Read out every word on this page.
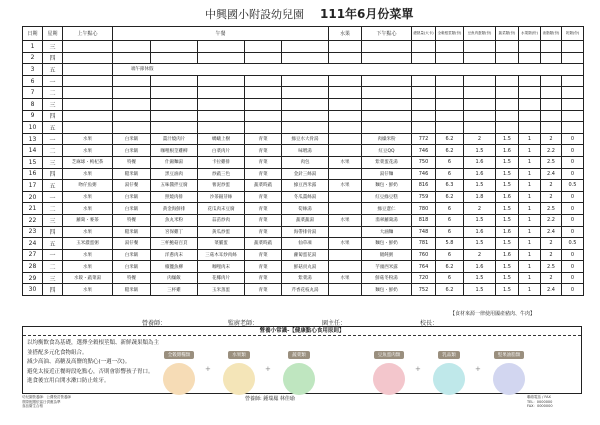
中興國小附設幼兒園 111年6月份菜單
日期	星期	上午點心	午餐					水果	下午點心	總熱量(大卡)	全穀根莖類(份)	豆魚肉蛋類(份)	蔬菜類(份)	水果類(份)	油脂類(份)	奶類(份)
1	三															
2	四															
3	五		端午節休假													
6	一															
7	二															
8	三															
9	四															
10	五															
13	一	水果	白米飯	薑汁燒肉片	螞蟻上樹	青菜	綠豆水大骨湯		肉燥米粉	772	6.2	2	1.5	1	2	0
14	二	水果	白米飯	咖哩根莖雞柳	白菜肉片	青菜	味噌湯		紅豆QQ	746	6.2	1.5	1.6	1	2.2	0
15	三	芝麻球・枸杞茶	特餐	什錦麵湯	卡拉雞排	青菜	肉包	水果	紫菜蛋花湯	750	6	1.6	1.5	1	2.5	0
16	四	水果	糙米飯	黑豆滷肉	炒蔬三色	青菜	金針三絲湯		湯仔麵	746	6	1.6	1.5	1	2.4	0
17	五	吻仔魚粥	湯仔餐	五味醬拌豆腐	薯泥炒蛋	蔬菜時蔬	綠豆西米露	水果	麵包・鮮奶	816	6.3	1.5	1.5	1	2	0.5
20	一	水果	白米飯	照燒肉排	沙茶銀芽絲	青菜	冬瓜薑絲湯		紅豆綠豆糕	759	6.2	1.8	1.6	1	2	0
21	二	水果	白米飯	黃金海鮮排	花瓜肉末豆腐	青菜	筍絲湯		綠豆薏仁	780	6	2	1.5	1	2.5	0
22	三	蘿蔔・麥茶	特餐	魚丸米粉	蒜苗炒肉	青菜	蔬菜蔬湯	水果	翡翠蘿蔔湯	818	6	1.5	1.5	1	2.2	0
23	四	水果	糙米飯	宮保雞丁	黃瓜炒蛋	青菜	海帶排骨湯		大滷麵	748	6	1.6	1.6	1	2.4	0
24	五	玉米濃蛋粥	湯仔餐	三杯鮑菇百頁	菜脯蛋	蔬菜時蔬	仙草凍	水果	麵包・鮮奶	781	5.8	1.5	1.5	1	2	0.5
27	一	水果	白米飯	洋蔥肉末	三菇木耳炒肉絲	青菜	蘿蔔蛋花湯		餛飩粥	760	6	2	1.6	1	2	0
28	二	水果	白米飯	椒鹽魚柳	咖哩肉末	青菜	鮮菇貢丸湯		芋頭西米露	764	6.2	1.6	1.5	1	2.5	0
29	三	水餃・蔬菜湯	特餐	肉燥飯	花椰肉片	青菜	紫菜湯	水果	鮮菇冬粉湯	720	6	1.5	1.5	1	2	0
30	四	水果	糙米飯	三杯雞	玉米蒸蛋	青菜	芹香花枝丸湯		麵包・鮮奶	752	6.2	1.5	1.5	1	2.4	0
【食材來源一律使用國產豬肉、牛肉】
營養師：	監廚老師：	園主任：	校長：
營養小常識-【健康點心食用原則】
以均衡飲食為基礎，選擇全穀根莖類、新鮮蔬果類為主
並搭配多元化食物組合。
減少高油、高糖及高鹽的點心(一週一次)。
避免太接近正餐時段吃點心，否則會影響孩子胃口。
進食後宜用白開水漱口防止蛀牙。
全穀雜糧類
+
水果類
+
蔬菜類	豆魚蛋肉類
+
乳品類
+
堅果油脂類
幼兒園營養師：公費校訂營養師
實際配膳依當日供應為準
食品衛生合格
營養師: 鍾瑞鳳 林佳瑜	聯絡電話 / FAX
TEL：0000000
FAX：0000000
